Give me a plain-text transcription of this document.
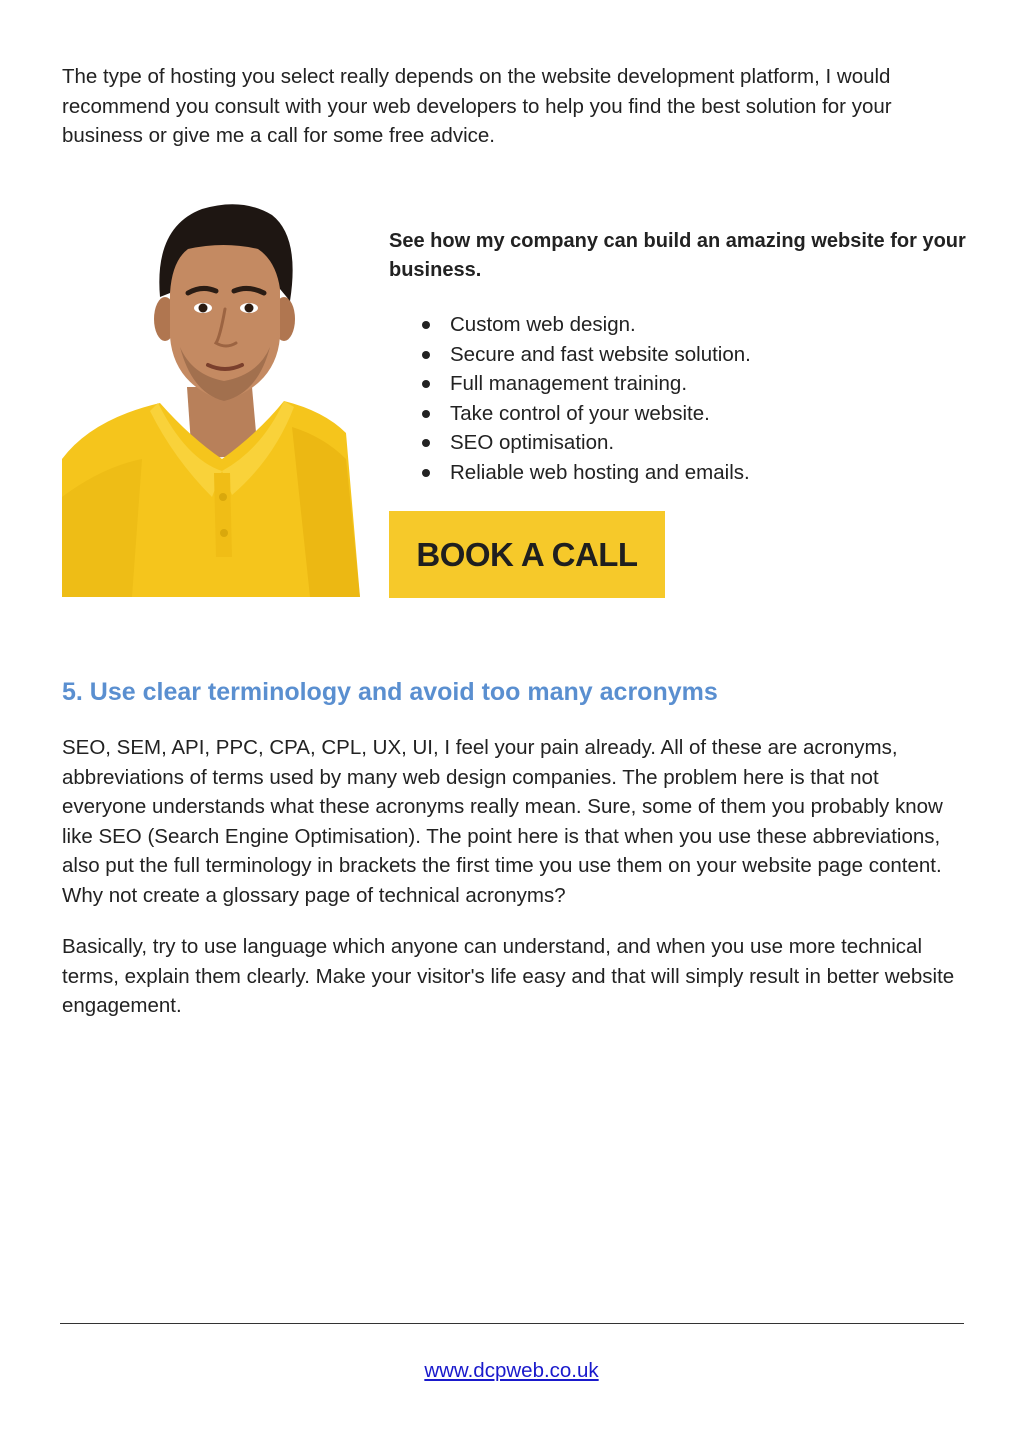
The type of hosting you select really depends on the website development platform, I would recommend you consult with your web developers to help you find the best solution for your business or give me a call for some free advice.

See how my company can build an amazing website for your business.

Custom web design.
Secure and fast website solution.
Full management training.
Take control of your website.
SEO optimisation.
Reliable web hosting and emails.
BOOK A CALL
5. Use clear terminology and avoid too many acronyms

SEO, SEM, API, PPC, CPA, CPL, UX, UI, I feel your pain already. All of these are acronyms, abbreviations of terms used by many web design companies. The problem here is that not everyone understands what these acronyms really mean. Sure, some of them you probably know like SEO (Search Engine Optimisation). The point here is that when you use these abbreviations, also put the full terminology in brackets the first time you use them on your website page content. Why not create a glossary page of technical acronyms?

Basically, try to use language which anyone can understand, and when you use more technical terms, explain them clearly. Make your visitor's life easy and that will simply result in better website engagement.

www.dcpweb.co.uk
